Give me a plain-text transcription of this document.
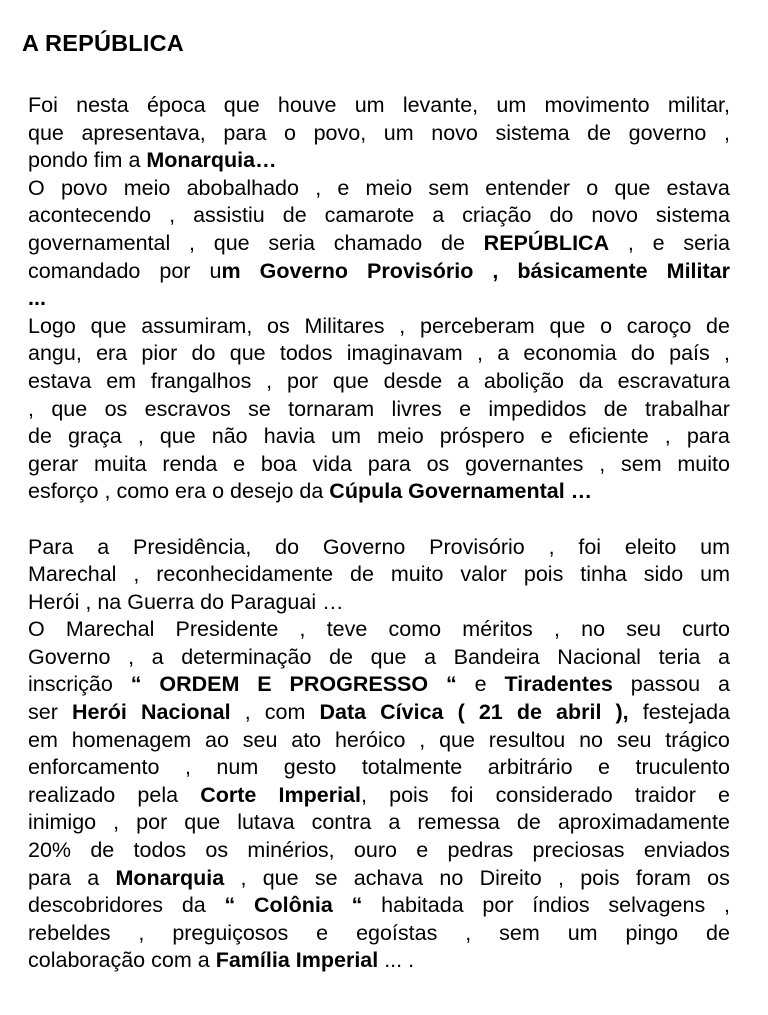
A REPÚBLICA
Foi nesta época que houve um levante, um movimento militar,
que apresentava, para o povo, um novo sistema de governo ,
pondo fim a Monarquia…
O povo meio abobalhado , e meio sem entender o que estava
acontecendo , assistiu de camarote a criação do novo sistema
governamental , que seria chamado de REPÚBLICA , e seria
comandado por um Governo Provisório , básicamente Militar
...
Logo que assumiram, os Militares , perceberam que o caroço de
angu, era pior do que todos imaginavam , a economia do país ,
estava em frangalhos , por que desde a abolição da escravatura
, que os escravos se tornaram livres e impedidos de trabalhar
de graça , que não havia um meio próspero e eficiente , para
gerar muita renda e boa vida para os governantes , sem muito
esforço , como era o desejo da Cúpula Governamental …
Para a Presidência, do Governo Provisório , foi eleito um
Marechal , reconhecidamente de muito valor pois tinha sido um
Herói , na Guerra do Paraguai …
O Marechal Presidente , teve como méritos , no seu curto
Governo , a determinação de que a Bandeira Nacional teria a
inscrição “ ORDEM E PROGRESSO “ e Tiradentes passou a
ser Herói Nacional , com Data Cívica ( 21 de abril ), festejada
em homenagem ao seu ato heróico , que resultou no seu trágico
enforcamento , num gesto totalmente arbitrário e truculento
realizado pela Corte Imperial, pois foi considerado traidor e
inimigo , por que lutava contra a remessa de aproximadamente
20% de todos os minérios, ouro e pedras preciosas enviados
para a Monarquia , que se achava no Direito , pois foram os
descobridores da “ Colônia “ habitada por índios selvagens ,
rebeldes , preguiçosos e egoístas , sem um pingo de
colaboração com a Família Imperial ... .
